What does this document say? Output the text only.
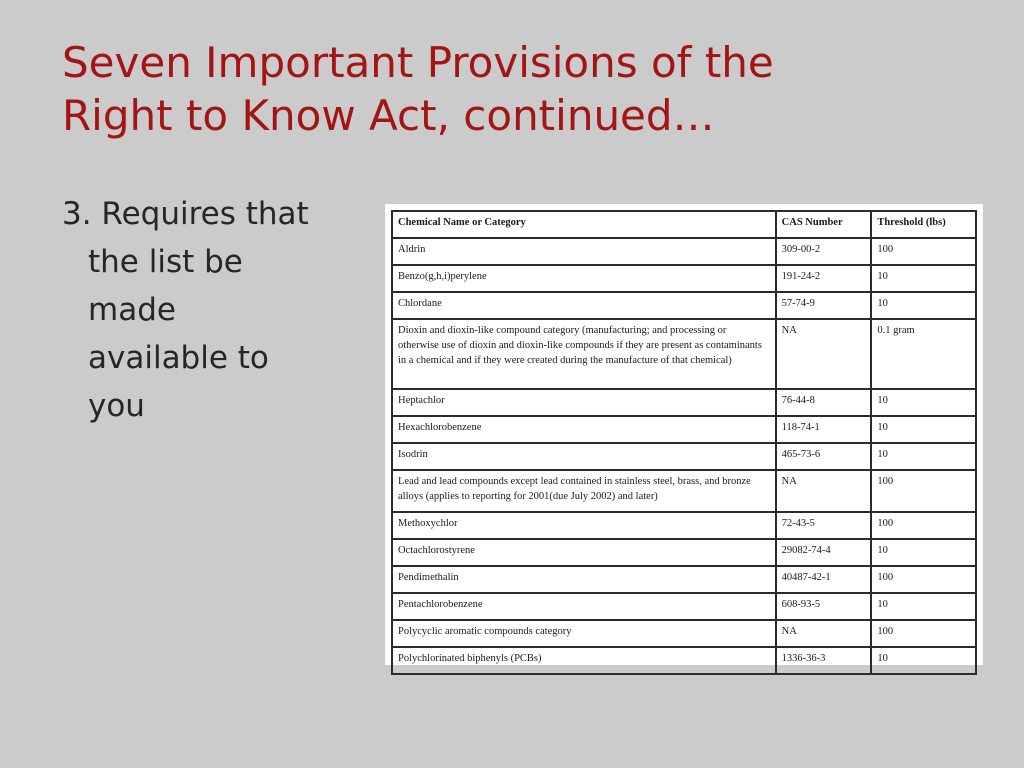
Seven Important Provisions of the
Right to Know Act, continued…
3. Requires that
the list be
made
available to
you
Chemical Name or Category	CAS Number	Threshold (lbs)
Aldrin	309-00-2	100
Benzo(g,h,i)perylene	191-24-2	10
Chlordane	57-74-9	10
Dioxin and dioxin-like compound category (manufacturing; and processing or otherwise use of dioxin and dioxin-like compounds if they are present as contaminants in a chemical and if they were created during the manufacture of that chemical)	NA	0.1 gram
Heptachlor	76-44-8	10
Hexachlorobenzene	118-74-1	10
Isodrin	465-73-6	10
Lead and lead compounds except lead contained in stainless steel, brass, and bronze alloys (applies to reporting for 2001(due July 2002) and later)	NA	100
Methoxychlor	72-43-5	100
Octachlorostyrene	29082-74-4	10
Pendimethalin	40487-42-1	100
Pentachlorobenzene	608-93-5	10
Polycyclic aromatic compounds category	NA	100
Polychlorinated biphenyls (PCBs)	1336-36-3	10
